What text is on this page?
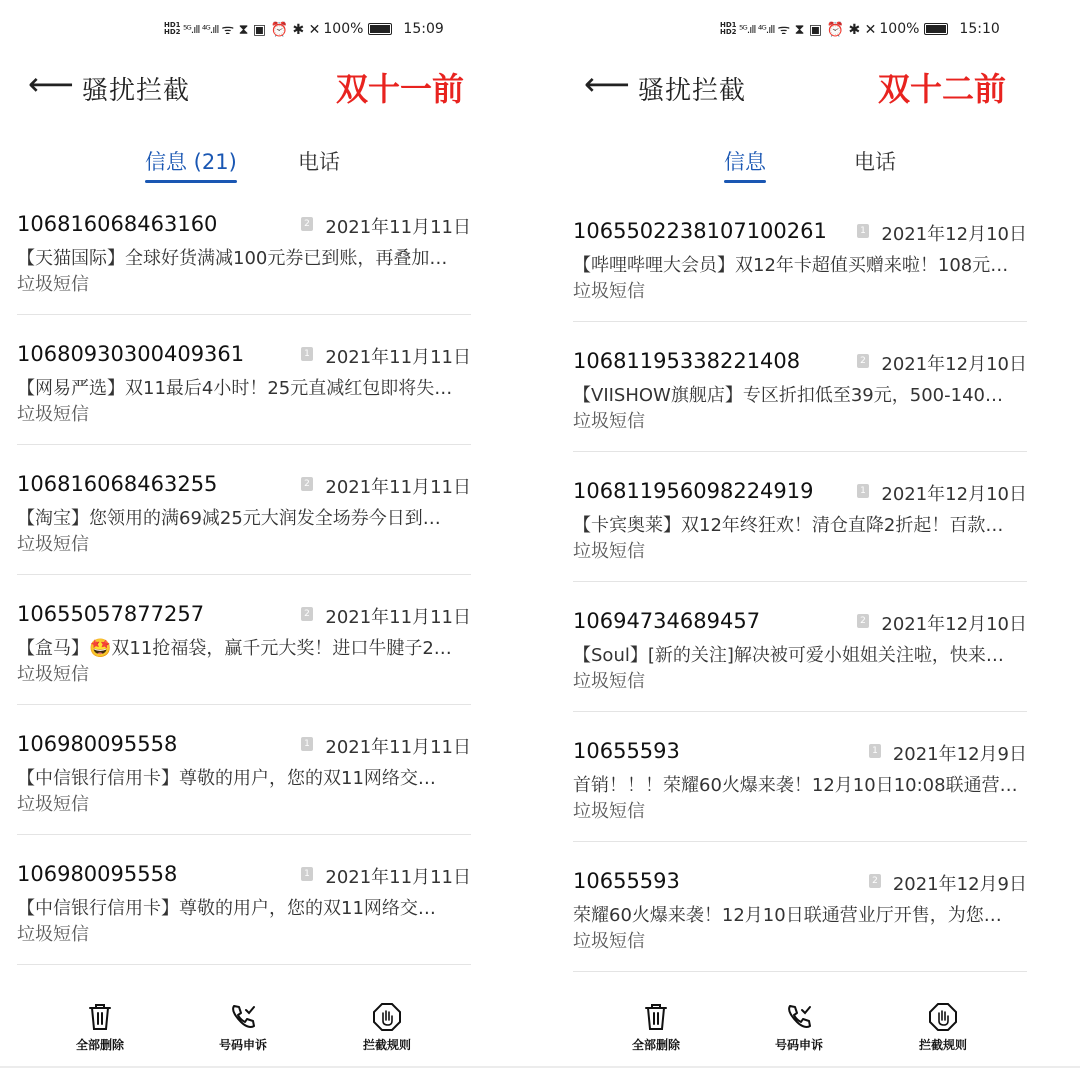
HD1
HD2 ⁵ᴳ.ıll ⁴ᴳ.ıll ᯤ ⧗ ▣ ⏰ ✱ ✕ 100%	15:09
⟵ 骚扰拦截	双十一前
信息 (21)	电话
106816068463160	2 2021年11月11日
【天猫国际】全球好货满减100元券已到账，再叠加…
垃圾短信
10680930300409361	1 2021年11月11日
【网易严选】双11最后4小时！25元直减红包即将失…
垃圾短信
106816068463255	2 2021年11月11日
【淘宝】您领用的满69减25元大润发全场券今日到…
垃圾短信
10655057877257	2 2021年11月11日
【盒马】🤩双11抢福袋，赢千元大奖！进口牛腱子2…
垃圾短信
106980095558	1 2021年11月11日
【中信银行信用卡】尊敬的用户，您的双11网络交…
垃圾短信
106980095558	1 2021年11月11日
【中信银行信用卡】尊敬的用户，您的双11网络交…
垃圾短信
全部删除	号码申诉	拦截规则
HD1
HD2 ⁵ᴳ.ıll ⁴ᴳ.ıll ᯤ ⧗ ▣ ⏰ ✱ ✕ 100%	15:10
⟵ 骚扰拦截	双十二前
信息	电话
1065502238107100261	1 2021年12月10日
【哔哩哔哩大会员】双12年卡超值买赠来啦！108元…
垃圾短信
10681195338221408	2 2021年12月10日
【VIISHOW旗舰店】专区折扣低至39元，500-140…
垃圾短信
106811956098224919	1 2021年12月10日
【卡宾奥莱】双12年终狂欢！清仓直降2折起！百款…
垃圾短信
10694734689457	2 2021年12月10日
【Soul】[新的关注]解决被可爱小姐姐关注啦，快来…
垃圾短信
10655593	1 2021年12月9日
首销！！！荣耀60火爆来袭！12月10日10:08联通营…
垃圾短信
10655593	2 2021年12月9日
荣耀60火爆来袭！12月10日联通营业厅开售，为您…
垃圾短信
全部删除	号码申诉	拦截规则
